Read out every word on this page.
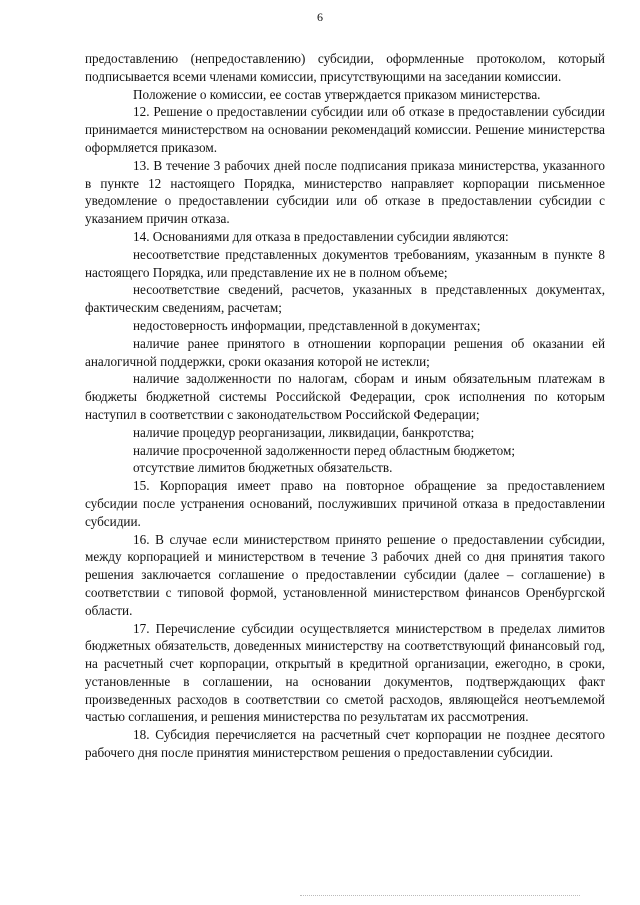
6

предоставлению (непредоставлению) субсидии, оформленные протоколом, который подписывается всеми членами комиссии, присутствующими на заседании комиссии.

Положение о комиссии, ее состав утверждается приказом министерства.

12. Решение о предоставлении субсидии или об отказе в предоставлении субсидии принимается министерством на основании рекомендаций комиссии. Решение министерства оформляется приказом.

13. В течение 3 рабочих дней после подписания приказа министерства, указанного в пункте 12 настоящего Порядка, министерство направляет корпорации письменное уведомление о предоставлении субсидии или об отказе в предоставлении субсидии с указанием причин отказа.

14. Основаниями для отказа в предоставлении субсидии являются:

несоответствие представленных документов требованиям, указанным в пункте 8 настоящего Порядка, или представление их не в полном объеме;

несоответствие сведений, расчетов, указанных в представленных документах, фактическим сведениям, расчетам;

недостоверность информации, представленной в документах;

наличие ранее принятого в отношении корпорации решения об оказании ей аналогичной поддержки, сроки оказания которой не истекли;

наличие задолженности по налогам, сборам и иным обязательным платежам в бюджеты бюджетной системы Российской Федерации, срок исполнения по которым наступил в соответствии с законодательством Российской Федерации;

наличие процедур реорганизации, ликвидации, банкротства;

наличие просроченной задолженности перед областным бюджетом;

отсутствие лимитов бюджетных обязательств.

15. Корпорация имеет право на повторное обращение за предоставлением субсидии после устранения оснований, послуживших причиной отказа в предоставлении субсидии.

16. В случае если министерством принято решение о предоставлении субсидии, между корпорацией и министерством в течение 3 рабочих дней со дня принятия такого решения заключается соглашение о предоставлении субсидии (далее – соглашение) в соответствии с типовой формой, установленной министерством финансов Оренбургской области.

17. Перечисление субсидии осуществляется министерством в пределах лимитов бюджетных обязательств, доведенных министерству на соответствующий финансовый год, на расчетный счет корпорации, открытый в кредитной организации, ежегодно, в сроки, установленные в соглашении, на основании документов, подтверждающих факт произведенных расходов в соответствии со сметой расходов, являющейся неотъемлемой частью соглашения, и решения министерства по результатам их рассмотрения.

18. Субсидия перечисляется на расчетный счет корпорации не позднее десятого рабочего дня после принятия министерством решения о предоставлении субсидии.
